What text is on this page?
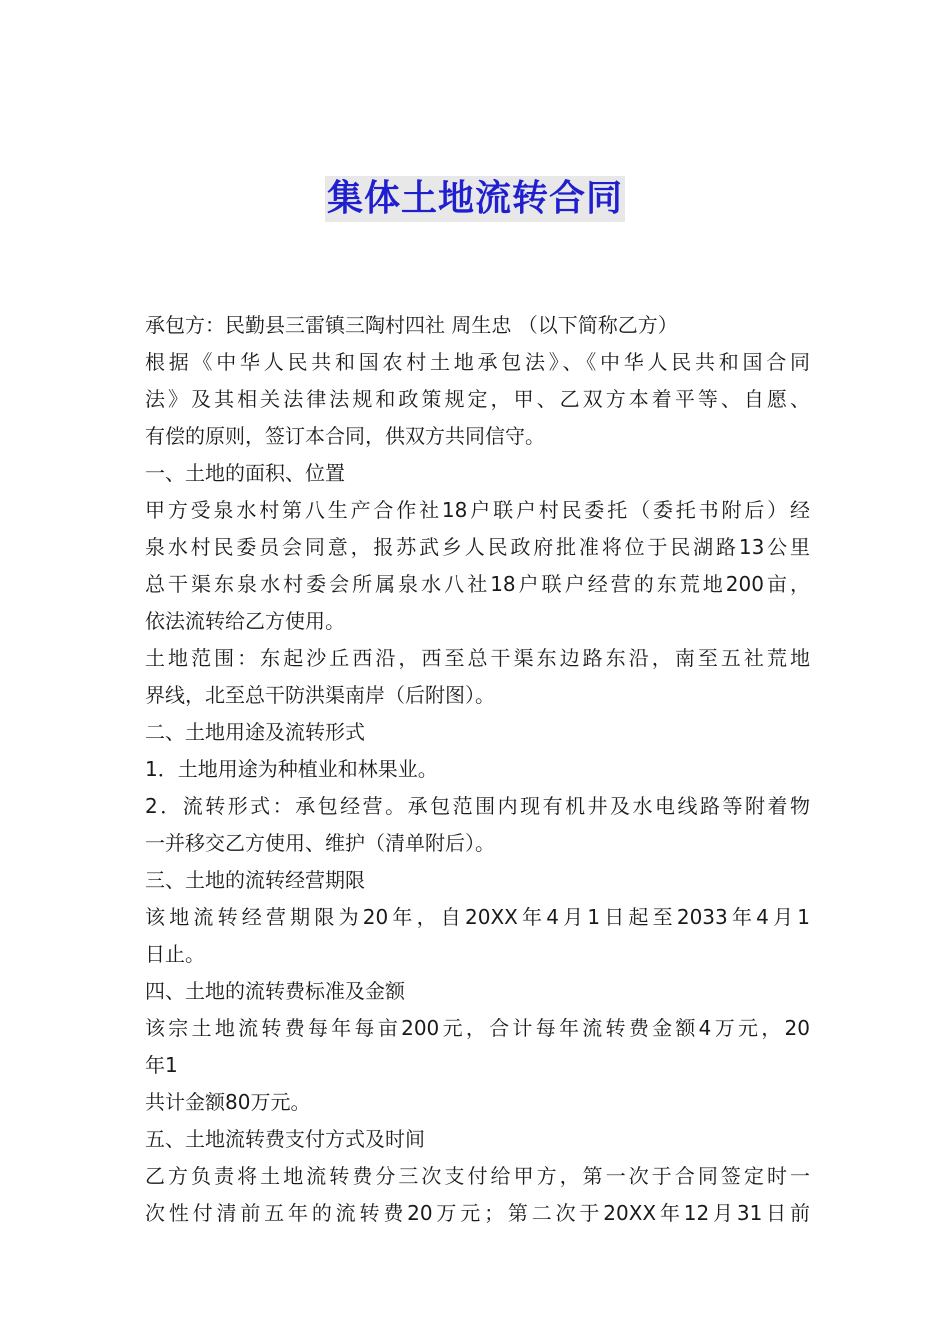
集体土地流转合同
承包方：民勤县三雷镇三陶村四社 周生忠 （以下简称乙方）
根据《中华人民共和国农村土地承包法》、《中华人民共和国合同
法》及其相关法律法规和政策规定，甲、乙双方本着平等、自愿、
有偿的原则，签订本合同，供双方共同信守。
一、土地的面积、位置
甲方受泉水村第八生产合作社18户联户村民委托（委托书附后）经
泉水村民委员会同意，报苏武乡人民政府批准将位于民湖路13公里
总干渠东泉水村委会所属泉水八社18户联户经营的东荒地200亩，
依法流转给乙方使用。
土地范围：东起沙丘西沿，西至总干渠东边路东沿，南至五社荒地
界线，北至总干防洪渠南岸（后附图）。
二、土地用途及流转形式
1．土地用途为种植业和林果业。
2．流转形式：承包经营。承包范围内现有机井及水电线路等附着物
一并移交乙方使用、维护（清单附后）。
三、土地的流转经营期限
该地流转经营期限为20年，自20XX年4月1日起至2033年4月1
日止。
四、土地的流转费标准及金额
该宗土地流转费每年每亩200元，合计每年流转费金额4万元，20
年1
共计金额80万元。
五、土地流转费支付方式及时间
乙方负责将土地流转费分三次支付给甲方，第一次于合同签定时一
次性付清前五年的流转费20万元；第二次于20XX年12月31日前
